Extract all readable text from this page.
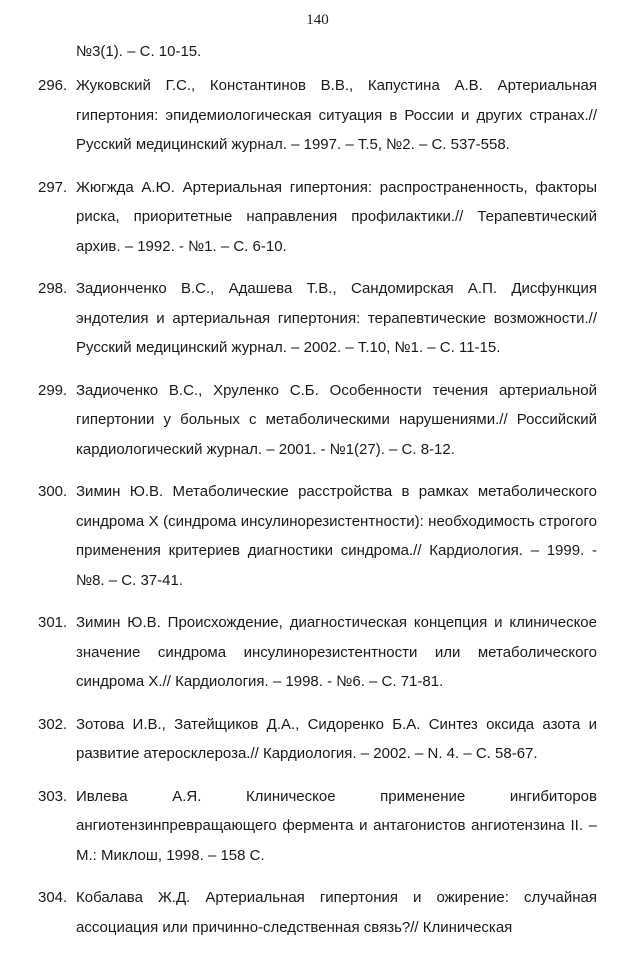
140
№3(1). – С. 10-15.
296. Жуковский Г.С., Константинов В.В., Капустина А.В. Артериальная гипертония: эпидемиологическая ситуация в России и других странах.// Русский медицинский журнал. – 1997. – Т.5, №2. – С. 537-558.
297. Жюгжда А.Ю. Артериальная гипертония: распространенность, факторы риска, приоритетные направления профилактики.// Терапевтический архив. – 1992. - №1. – С. 6-10.
298. Задионченко В.С., Адашева Т.В., Сандомирская А.П. Дисфункция эндотелия и артериальная гипертония: терапевтические возможности.// Русский медицинский журнал. – 2002. – Т.10, №1. – С. 11-15.
299. Задиоченко В.С., Хруленко С.Б. Особенности течения артериальной гипертонии у больных с метаболическими нарушениями.// Российский кардиологический журнал. – 2001. - №1(27). – С. 8-12.
300. Зимин Ю.В. Метаболические расстройства в рамках метаболического синдрома X (синдрома инсулинорезистентности): необходимость строгого применения критериев диагностики синдрома.// Кардиология. – 1999. - №8. – С. 37-41.
301. Зимин Ю.В. Происхождение, диагностическая концепция и клиническое значение синдрома инсулинорезистентности или метаболического синдрома X.// Кардиология. – 1998. - №6. – С. 71-81.
302. Зотова И.В., Затейщиков Д.А., Сидоренко Б.А. Синтез оксида азота и развитие атеросклероза.// Кардиология. – 2002. – N. 4. – С. 58-67.
303. Ивлева А.Я. Клиническое применение ингибиторов ангиотензинпревращающего фермента и антагонистов ангиотензина II. – М.: Миклош, 1998. – 158 С.
304. Кобалава Ж.Д. Артериальная гипертония и ожирение: случайная ассоциация или причинно-следственная связь?// Клиническая
